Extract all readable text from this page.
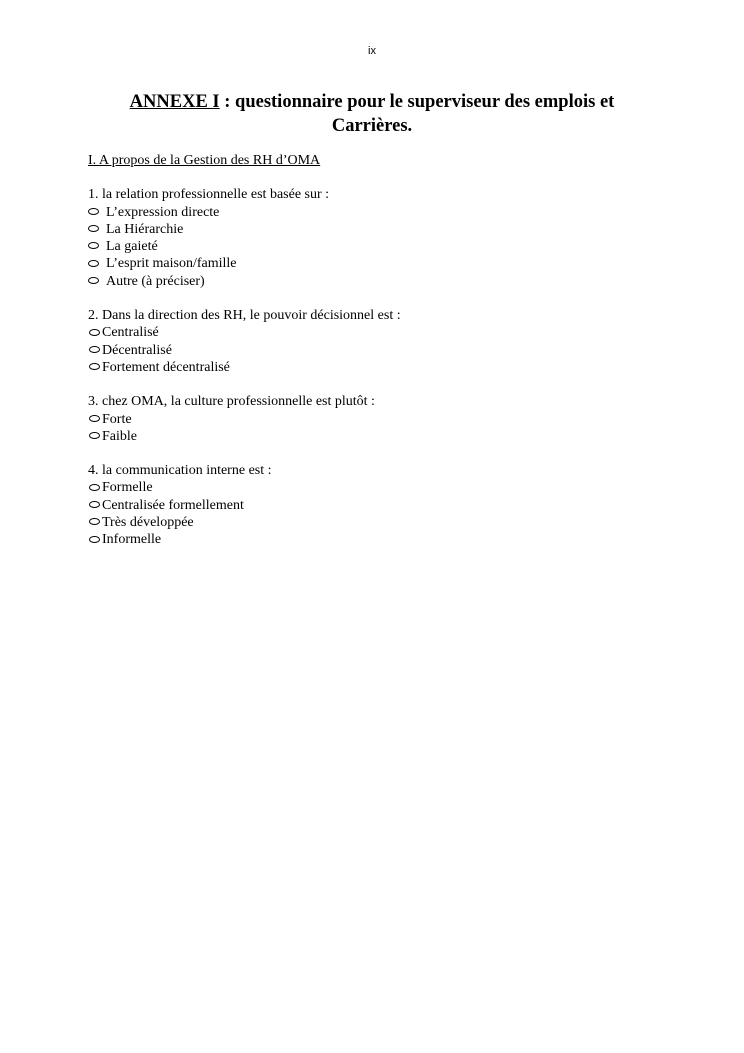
ix
ANNEXE I : questionnaire pour le superviseur des emplois et Carrières.
I. A propos de la Gestion des RH d’OMA
1. la relation professionnelle est basée sur :
L’expression directe
La Hiérarchie
La gaieté
L’esprit maison/famille
Autre (à préciser)
2. Dans la direction des RH, le pouvoir décisionnel est :
Centralisé
Décentralisé
Fortement décentralisé
3. chez OMA, la culture professionnelle est plutôt :
Forte
Faible
4. la communication interne est :
Formelle
Centralisée formellement
Très développée
Informelle
